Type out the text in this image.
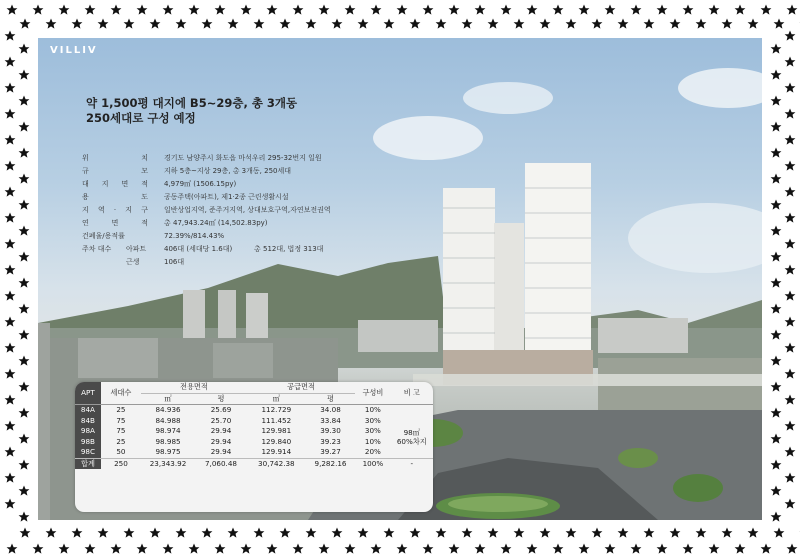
VILLIV
약 1,500평 대지에 B5~29층, 총 3개동
250세대로 구성 예정
위 치 경기도 남양주시 화도읍 마석우리 295-32번지 일원
규 모 지하 5층~지상 29층, 총 3개동, 250세대
대 지 면 적 4,979㎡ (1506.15py)
용 도 공동주택(아파트), 제1·2종 근린생활시설
지 역 · 지 구 일반상업지역, 준주거지역, 상대보호구역,자연보전권역
연 면 적 총 47,943.24㎡ (14,502.83py)
건폐율/용적률	72.39%/814.43%
주차 대수	아파트	406대 (세대당 1.6대)	총 512대, 법정 313대
근생	106대
APT	세대수	전용면적		공급면적		구성비	비 고
		㎡	평	㎡	평		
84A	25	84.936	25.69	112.729	34.08	10%	
84B	75	84.988	25.70	111.452	33.84	30%	
98A	75	98.974	29.94	129.981	39.30	30%	98㎡
60%차지

98B	25	98.985	29.94	129.840	39.23	10%	
98C	50	98.975	29.94	129.914	39.27	20%	
합계	250	23,343.92	7,060.48	30,742.38	9,282.16	100%	-
